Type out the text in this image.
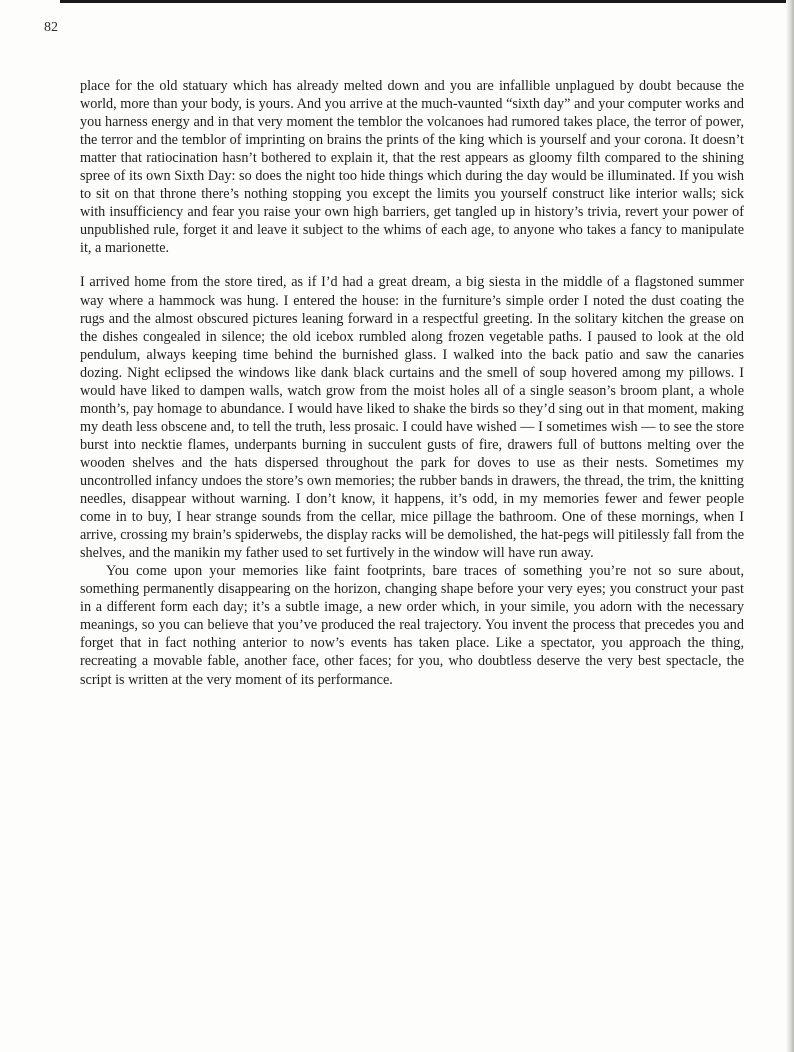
82

place for the old statuary which has already melted down and you are infallible unplagued by doubt because the world, more than your body, is yours. And you arrive at the much-vaunted “sixth day” and your computer works and you harness energy and in that very moment the temblor the volcanoes had rumored takes place, the terror of power, the terror and the temblor of imprinting on brains the prints of the king which is yourself and your corona. It doesn’t matter that ratiocination hasn’t bothered to explain it, that the rest appears as gloomy filth compared to the shining spree of its own Sixth Day: so does the night too hide things which during the day would be illuminated. If you wish to sit on that throne there’s nothing stopping you except the limits you yourself construct like interior walls; sick with insufficiency and fear you raise your own high barriers, get tangled up in history’s trivia, revert your power of unpublished rule, forget it and leave it subject to the whims of each age, to anyone who takes a fancy to manipulate it, a marionette.

I arrived home from the store tired, as if I’d had a great dream, a big siesta in the middle of a flagstoned summer way where a hammock was hung. I entered the house: in the furniture’s simple order I noted the dust coating the rugs and the almost obscured pictures leaning forward in a respectful greeting. In the solitary kitchen the grease on the dishes congealed in silence; the old icebox rumbled along frozen vegetable paths. I paused to look at the old pendulum, always keeping time behind the burnished glass. I walked into the back patio and saw the canaries dozing. Night eclipsed the windows like dank black curtains and the smell of soup hovered among my pillows. I would have liked to dampen walls, watch grow from the moist holes all of a single season’s broom plant, a whole month’s, pay homage to abundance. I would have liked to shake the birds so they’d sing out in that moment, making my death less obscene and, to tell the truth, less prosaic. I could have wished — I sometimes wish — to see the store burst into necktie flames, underpants burning in succulent gusts of fire, drawers full of buttons melting over the wooden shelves and the hats dispersed throughout the park for doves to use as their nests. Sometimes my uncontrolled infancy undoes the store’s own memories; the rubber bands in drawers, the thread, the trim, the knitting needles, disappear without warning. I don’t know, it happens, it’s odd, in my memories fewer and fewer people come in to buy, I hear strange sounds from the cellar, mice pillage the bathroom. One of these mornings, when I arrive, crossing my brain’s spiderwebs, the display racks will be demolished, the hat-pegs will pitilessly fall from the shelves, and the manikin my father used to set furtively in the window will have run away.

You come upon your memories like faint footprints, bare traces of something you’re not so sure about, something permanently disappearing on the horizon, changing shape before your very eyes; you construct your past in a different form each day; it’s a subtle image, a new order which, in your simile, you adorn with the necessary meanings, so you can believe that you’ve produced the real trajectory. You invent the process that precedes you and forget that in fact nothing anterior to now’s events has taken place. Like a spectator, you approach the thing, recreating a movable fable, another face, other faces; for you, who doubtless deserve the very best spectacle, the script is written at the very moment of its performance.
